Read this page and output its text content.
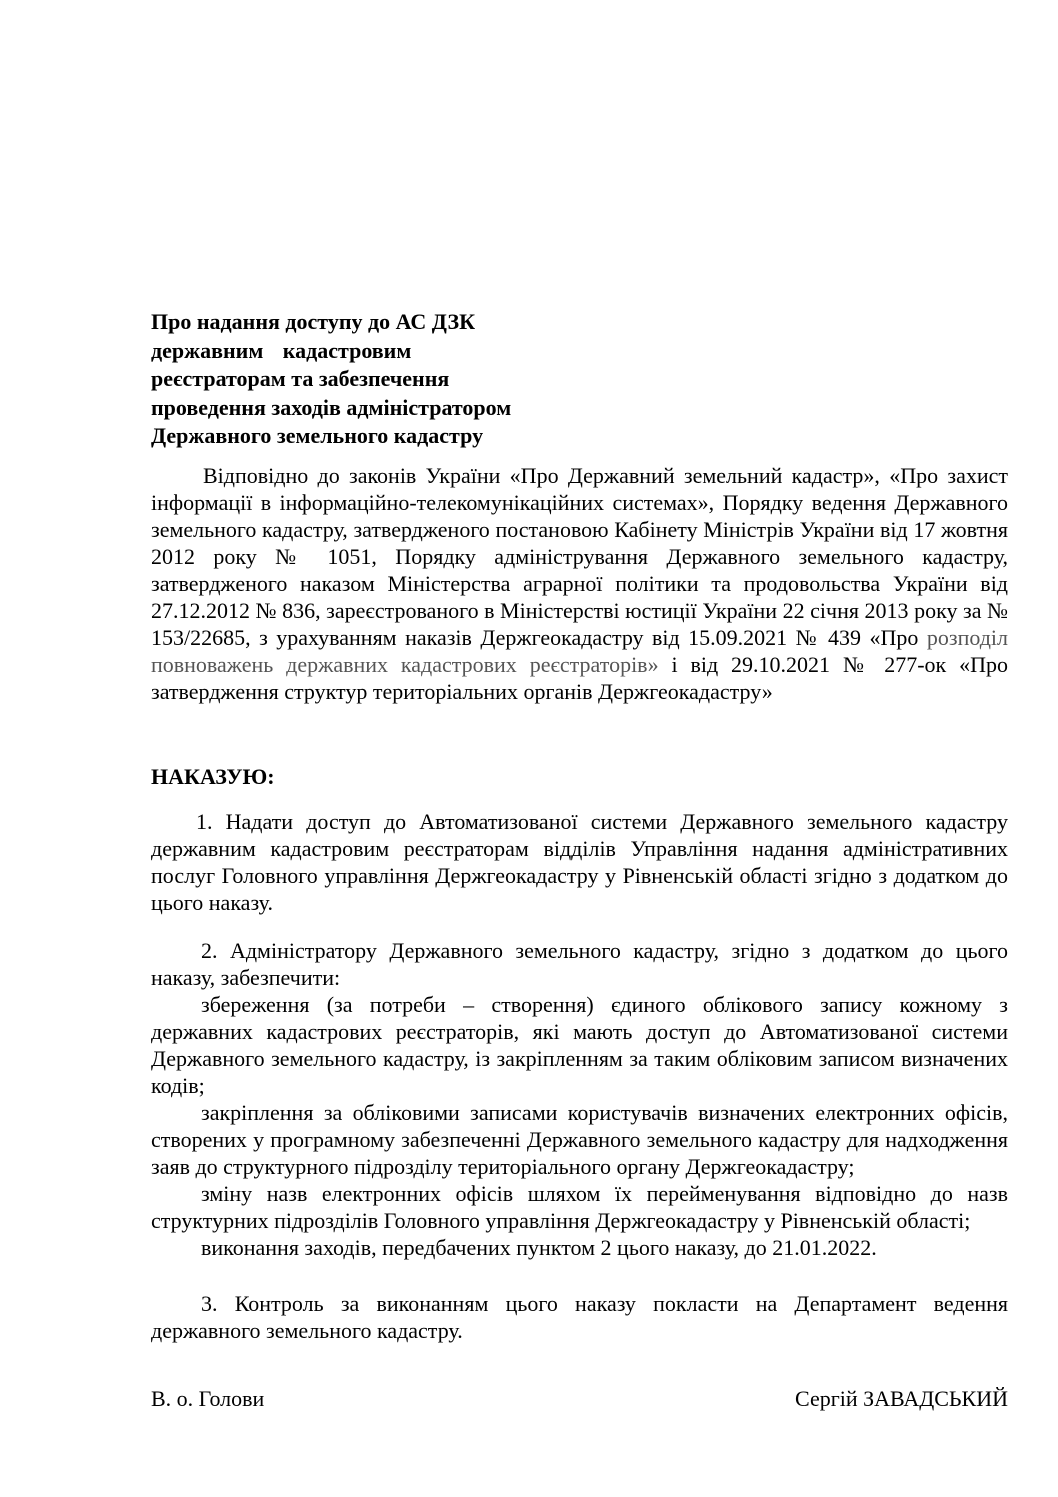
Про надання доступу до АС ДЗК
державним кадастровим
реєстраторам та забезпечення
проведення заходів адміністратором
Державного земельного кадастру

Відповідно до законів України «Про Державний земельний кадастр», «Про захист інформації в інформаційно-телекомунікаційних системах», Порядку ведення Державного земельного кадастру, затвердженого постановою Кабінету Міністрів України від 17 жовтня 2012 року № 1051, Порядку адміністрування Державного земельного кадастру, затвердженого наказом Міністерства аграрної політики та продовольства України від 27.12.2012 № 836, зареєстрованого в Міністерстві юстиції України 22 січня 2013 року за № 153/22685, з урахуванням наказів Держгеокадастру від 15.09.2021 № 439 «Про розподіл повноважень державних кадастрових реєстраторів» і від 29.10.2021 № 277-ок «Про затвердження структур територіальних органів Держгеокадастру»

НАКАЗУЮ:

1. Надати доступ до Автоматизованої системи Державного земельного кадастру державним кадастровим реєстраторам відділів Управління надання адміністративних послуг Головного управління Держгеокадастру у Рівненській області згідно з додатком до цього наказу.

2. Адміністратору Державного земельного кадастру, згідно з додатком до цього наказу, забезпечити:

збереження (за потреби – створення) єдиного облікового запису кожному з державних кадастрових реєстраторів, які мають доступ до Автоматизованої системи Державного земельного кадастру, із закріпленням за таким обліковим записом визначених кодів;

закріплення за обліковими записами користувачів визначених електронних офісів, створених у програмному забезпеченні Державного земельного кадастру для надходження заяв до структурного підрозділу територіального органу Держгеокадастру;

зміну назв електронних офісів шляхом їх перейменування відповідно до назв структурних підрозділів Головного управління Держгеокадастру у Рівненській області;

виконання заходів, передбачених пунктом 2 цього наказу, до 21.01.2022.

3. Контроль за виконанням цього наказу покласти на Департамент ведення державного земельного кадастру.

В. о. Голови	Сергій ЗАВАДСЬКИЙ
